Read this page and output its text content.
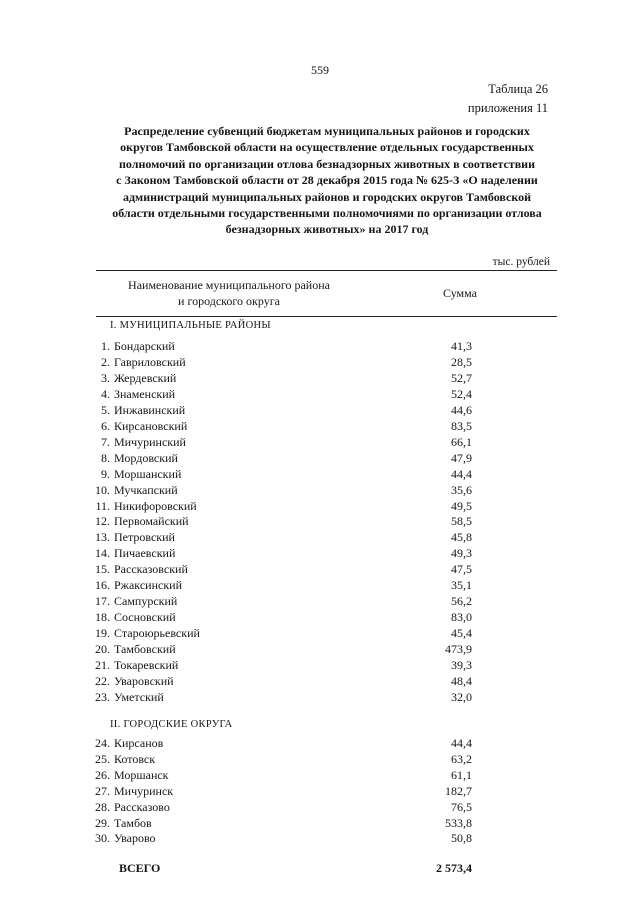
559
Таблица 26
приложения 11
Распределение субвенций бюджетам муниципальных районов и городских
округов Тамбовской области на осуществление отдельных государственных
полномочий по организации отлова безнадзорных животных в соответствии
с Законом Тамбовской области от 28 декабря 2015 года № 625-З «О наделении
администраций муниципальных районов и городских округов Тамбовской
области отдельными государственными полномочиями по организации отлова
безнадзорных животных» на 2017 год
тыс. рублей
Наименование муниципального района
и городского округа
Сумма
I. МУНИЦИПАЛЬНЫЕ РАЙОНЫ
1. Бондарский	41,3
2. Гавриловский	28,5
3. Жердевский	52,7
4. Знаменский	52,4
5. Инжавинский	44,6
6. Кирсановский	83,5
7. Мичуринский	66,1
8. Мордовский	47,9
9. Моршанский	44,4
10. Мучкапский	35,6
11. Никифоровский	49,5
12. Первомайский	58,5
13. Петровский	45,8
14. Пичаевский	49,3
15. Рассказовский	47,5
16. Ржаксинский	35,1
17. Сампурский	56,2
18. Сосновский	83,0
19. Староюрьевский	45,4
20. Тамбовский	473,9
21. Токаревский	39,3
22. Уваровский	48,4
23. Уметский	32,0
II. ГОРОДСКИЕ ОКРУГА
24. Кирсанов	44,4
25. Котовск	63,2
26. Моршанск	61,1
27. Мичуринск	182,7
28. Рассказово	76,5
29. Тамбов	533,8
30. Уварово	50,8
ВСЕГО	2 573,4
